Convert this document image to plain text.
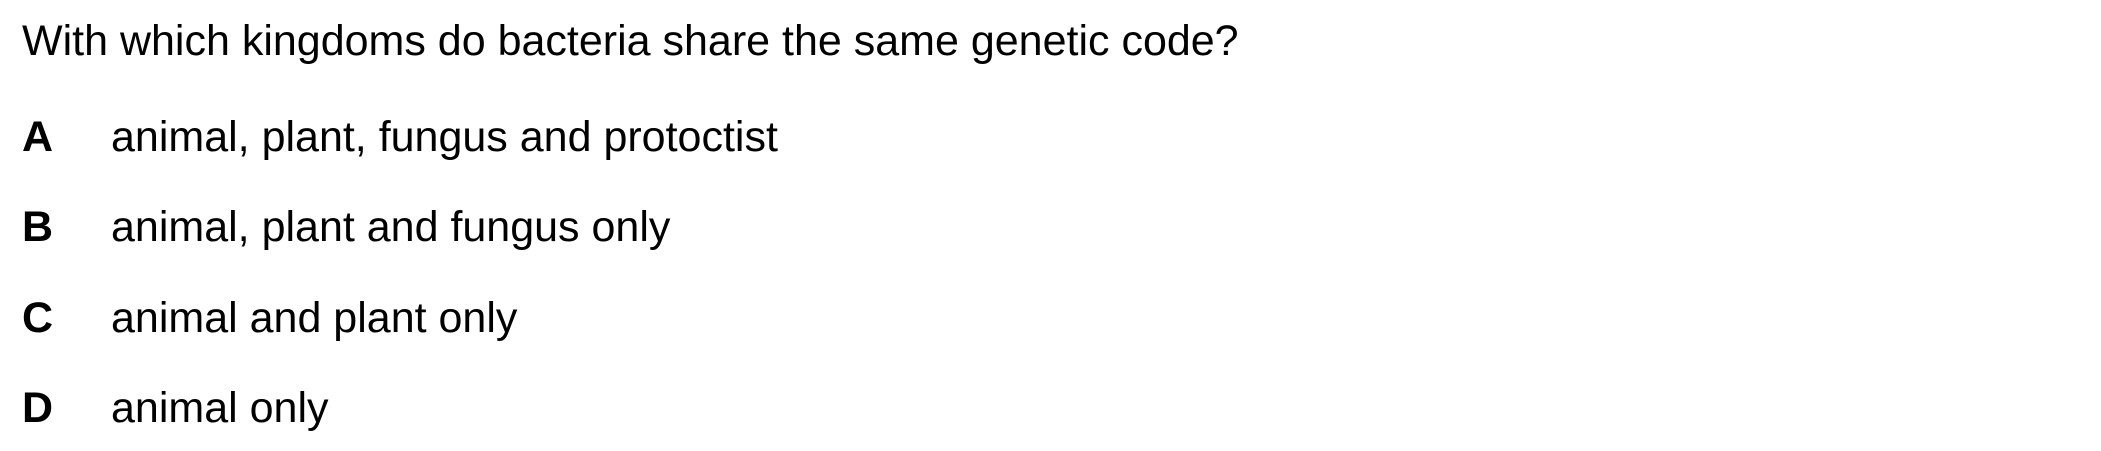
With which kingdoms do bacteria share the same genetic code?
A animal, plant, fungus and protoctist
B animal, plant and fungus only
C animal and plant only
D animal only
